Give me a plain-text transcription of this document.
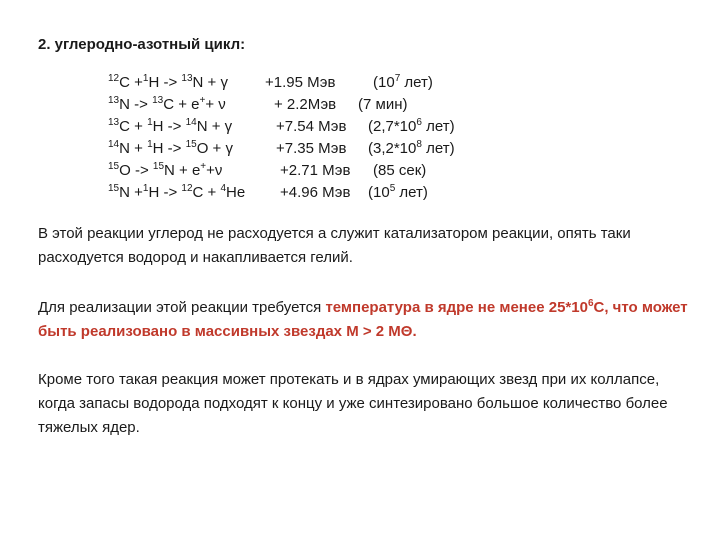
2. углеродно-азотный цикл:
$^{12}$C +$^1$H -> $^{13}$N + γ +1.95 Мэв	($10^7$ лет)
$^{13}$N -> $^{13}$C + e++ ν	+ 2.2Мэв (7 мин)
$^{13}$C + $^1$H -> $^{14}$N + γ	+7.54 Мэв ($2,7*10^6$ лет)
$^{14}$N + $^1$H -> $^{15}$O + γ	+7.35 Мэв ($3,2*10^8$ лет)
$^{15}$O -> $^{15}$N + e++ν	+2.71 Мэв (85 сек)
$^{15}$N +$^1$H -> $^{12}$C + $^4$He +4.96 Мэв ($10^5$ лет)
В этой реакции углерод не расходуется а служит катализатором реакции, опять таки расходуется водород и накапливается гелий.
Для реализации этой реакции требуется температура в ядре не менее $25*10^6С$, что может быть реализовано в массивных звездах M > 2 MΘ.
Кроме того такая реакция может протекать и в ядрах умирающих звезд при их коллапсе, когда запасы водорода подходят к концу и уже синтезировано большое количество более тяжелых ядер.
